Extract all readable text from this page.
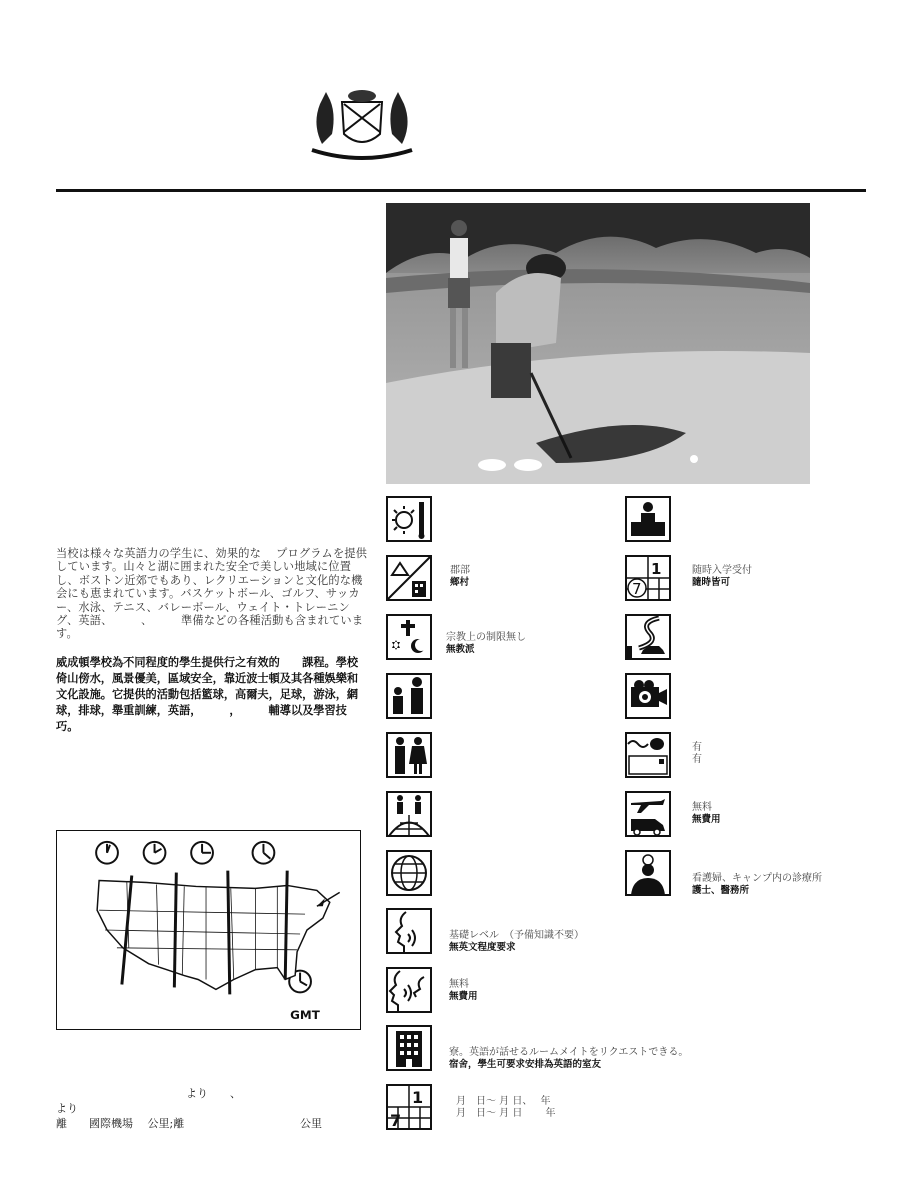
当校は様々な英語力の学生に、効果的な　 プログラムを提供しています。山々と湖に囲まれた安全で美しい地域に位置し、ボストン近郊でもあり、レクリエーションと文化的な機会にも恵まれています。バスケットボール、ゴルフ、サッカー、水泳、テニス、バレーボール、ウェイト・トレーニング、英語、　　　、　　　準備などの各種活動も含まれています。
威成頓學校為不同程度的學生提供行之有效的　　課程。學校倚山傍水，風景優美，區域安全，靠近波士頓及其各種娛樂和文化設施。它提供的活動包括籃球，高爾夫，足球，游泳，網球，排球，舉重訓練，英語，　　　，　　　輔導以及學習技巧。
GMT
より　　、
より
離　　國際機場　 公里;離	公里
郡部
鄉村
宗教上の制限無し
無教派
基礎レベル　（予備知識不要）
無英文程度要求
無料
無費用
寮。英語が話せるルームメイトをリクエストできる。
宿舍，學生可要求安排為英語的室友
1
7
月　日～ 月 日、　 年
月　日～ 月 日　　 年
1
7
随時入学受付
隨時皆可
有
有
無料
無費用
看護婦、キャンプ内の診療所
護士、醫務所
